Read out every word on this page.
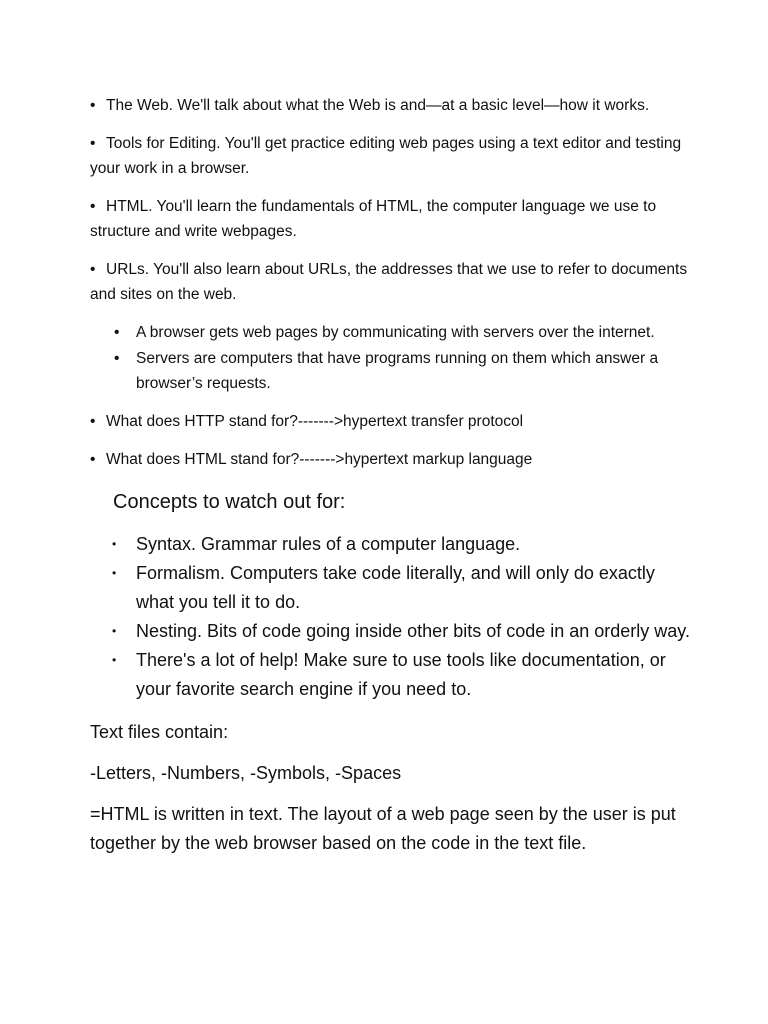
• The Web. We'll talk about what the Web is and—at a basic level—how it works.

• Tools for Editing. You'll get practice editing web pages using a text editor and testing your work in a browser.

• HTML. You'll learn the fundamentals of HTML, the computer language we use to structure and write webpages.

• URLs. You'll also learn about URLs, the addresses that we use to refer to documents and sites on the web.

• A browser gets web pages by communicating with servers over the internet.
• Servers are computers that have programs running on them which answer a browser’s requests.

• What does HTTP stand for?------->hypertext transfer protocol

• What does HTML stand for?------->hypertext markup language

Concepts to watch out for:
• Syntax. Grammar rules of a computer language.
• Formalism. Computers take code literally, and will only do exactly what you tell it to do.
• Nesting. Bits of code going inside other bits of code in an orderly way.
• There's a lot of help! Make sure to use tools like documentation, or your favorite search engine if you need to.

Text files contain:

-Letters, -Numbers, -Symbols, -Spaces

=HTML is written in text. The layout of a web page seen by the user is put together by the web browser based on the code in the text file.
